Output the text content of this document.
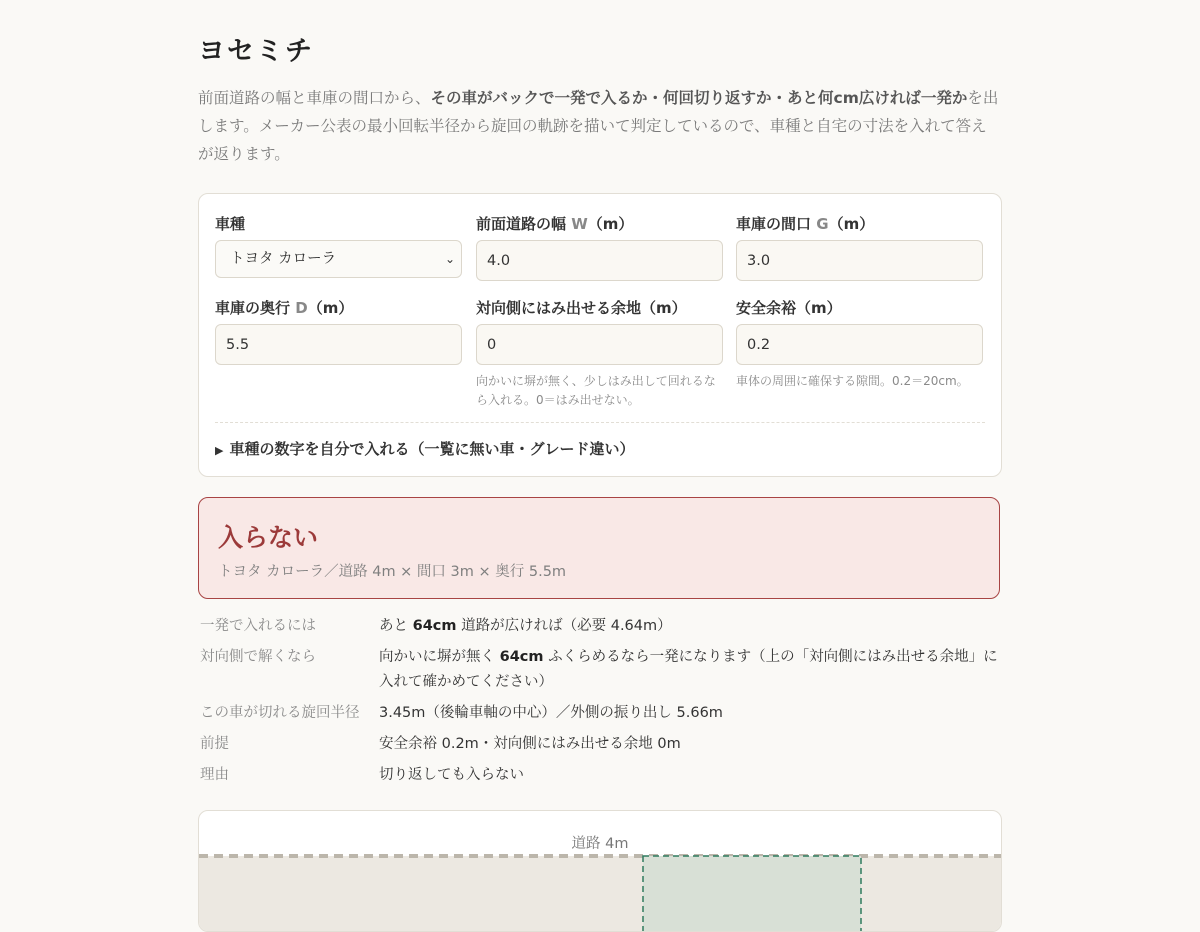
ヨセミチ

前面道路の幅と車庫の間口から、その車がバックで一発で入るか・何回切り返すか・あと何cm広ければ一発かを出します。メーカー公表の最小回転半径から旋回の軌跡を描いて判定しているので、車種と自宅の寸法を入れて答えが返ります。

車種
トヨタ カローラ	⌄
前面道路の幅 W（m）
4.0
車庫の間口 G（m）
3.0
車庫の奥行 D（m）
5.5
対向側にはみ出せる余地（m）
0
向かいに塀が無く、少しはみ出して回れるなら入れる。0＝はみ出せない。
安全余裕（m）
0.2
車体の周囲に確保する隙間。0.2＝20cm。
▶ 車種の数字を自分で入れる（一覧に無い車・グレード違い）
入らない
トヨタ カローラ／道路 4m × 間口 3m × 奥行 5.5m
一発で入れるには	あと 64cm 道路が広ければ（必要 4.64m）
対向側で解くなら	向かいに塀が無く 64cm ふくらめるなら一発になります（上の「対向側にはみ出せる余地」に入れて確かめてください）
この車が切れる旋回半径	3.45m（後輪車軸の中心）／外側の振り出し 5.66m
前提	安全余裕 0.2m・対向側にはみ出せる余地 0m
理由	切り返しても入らない
道路 4m
